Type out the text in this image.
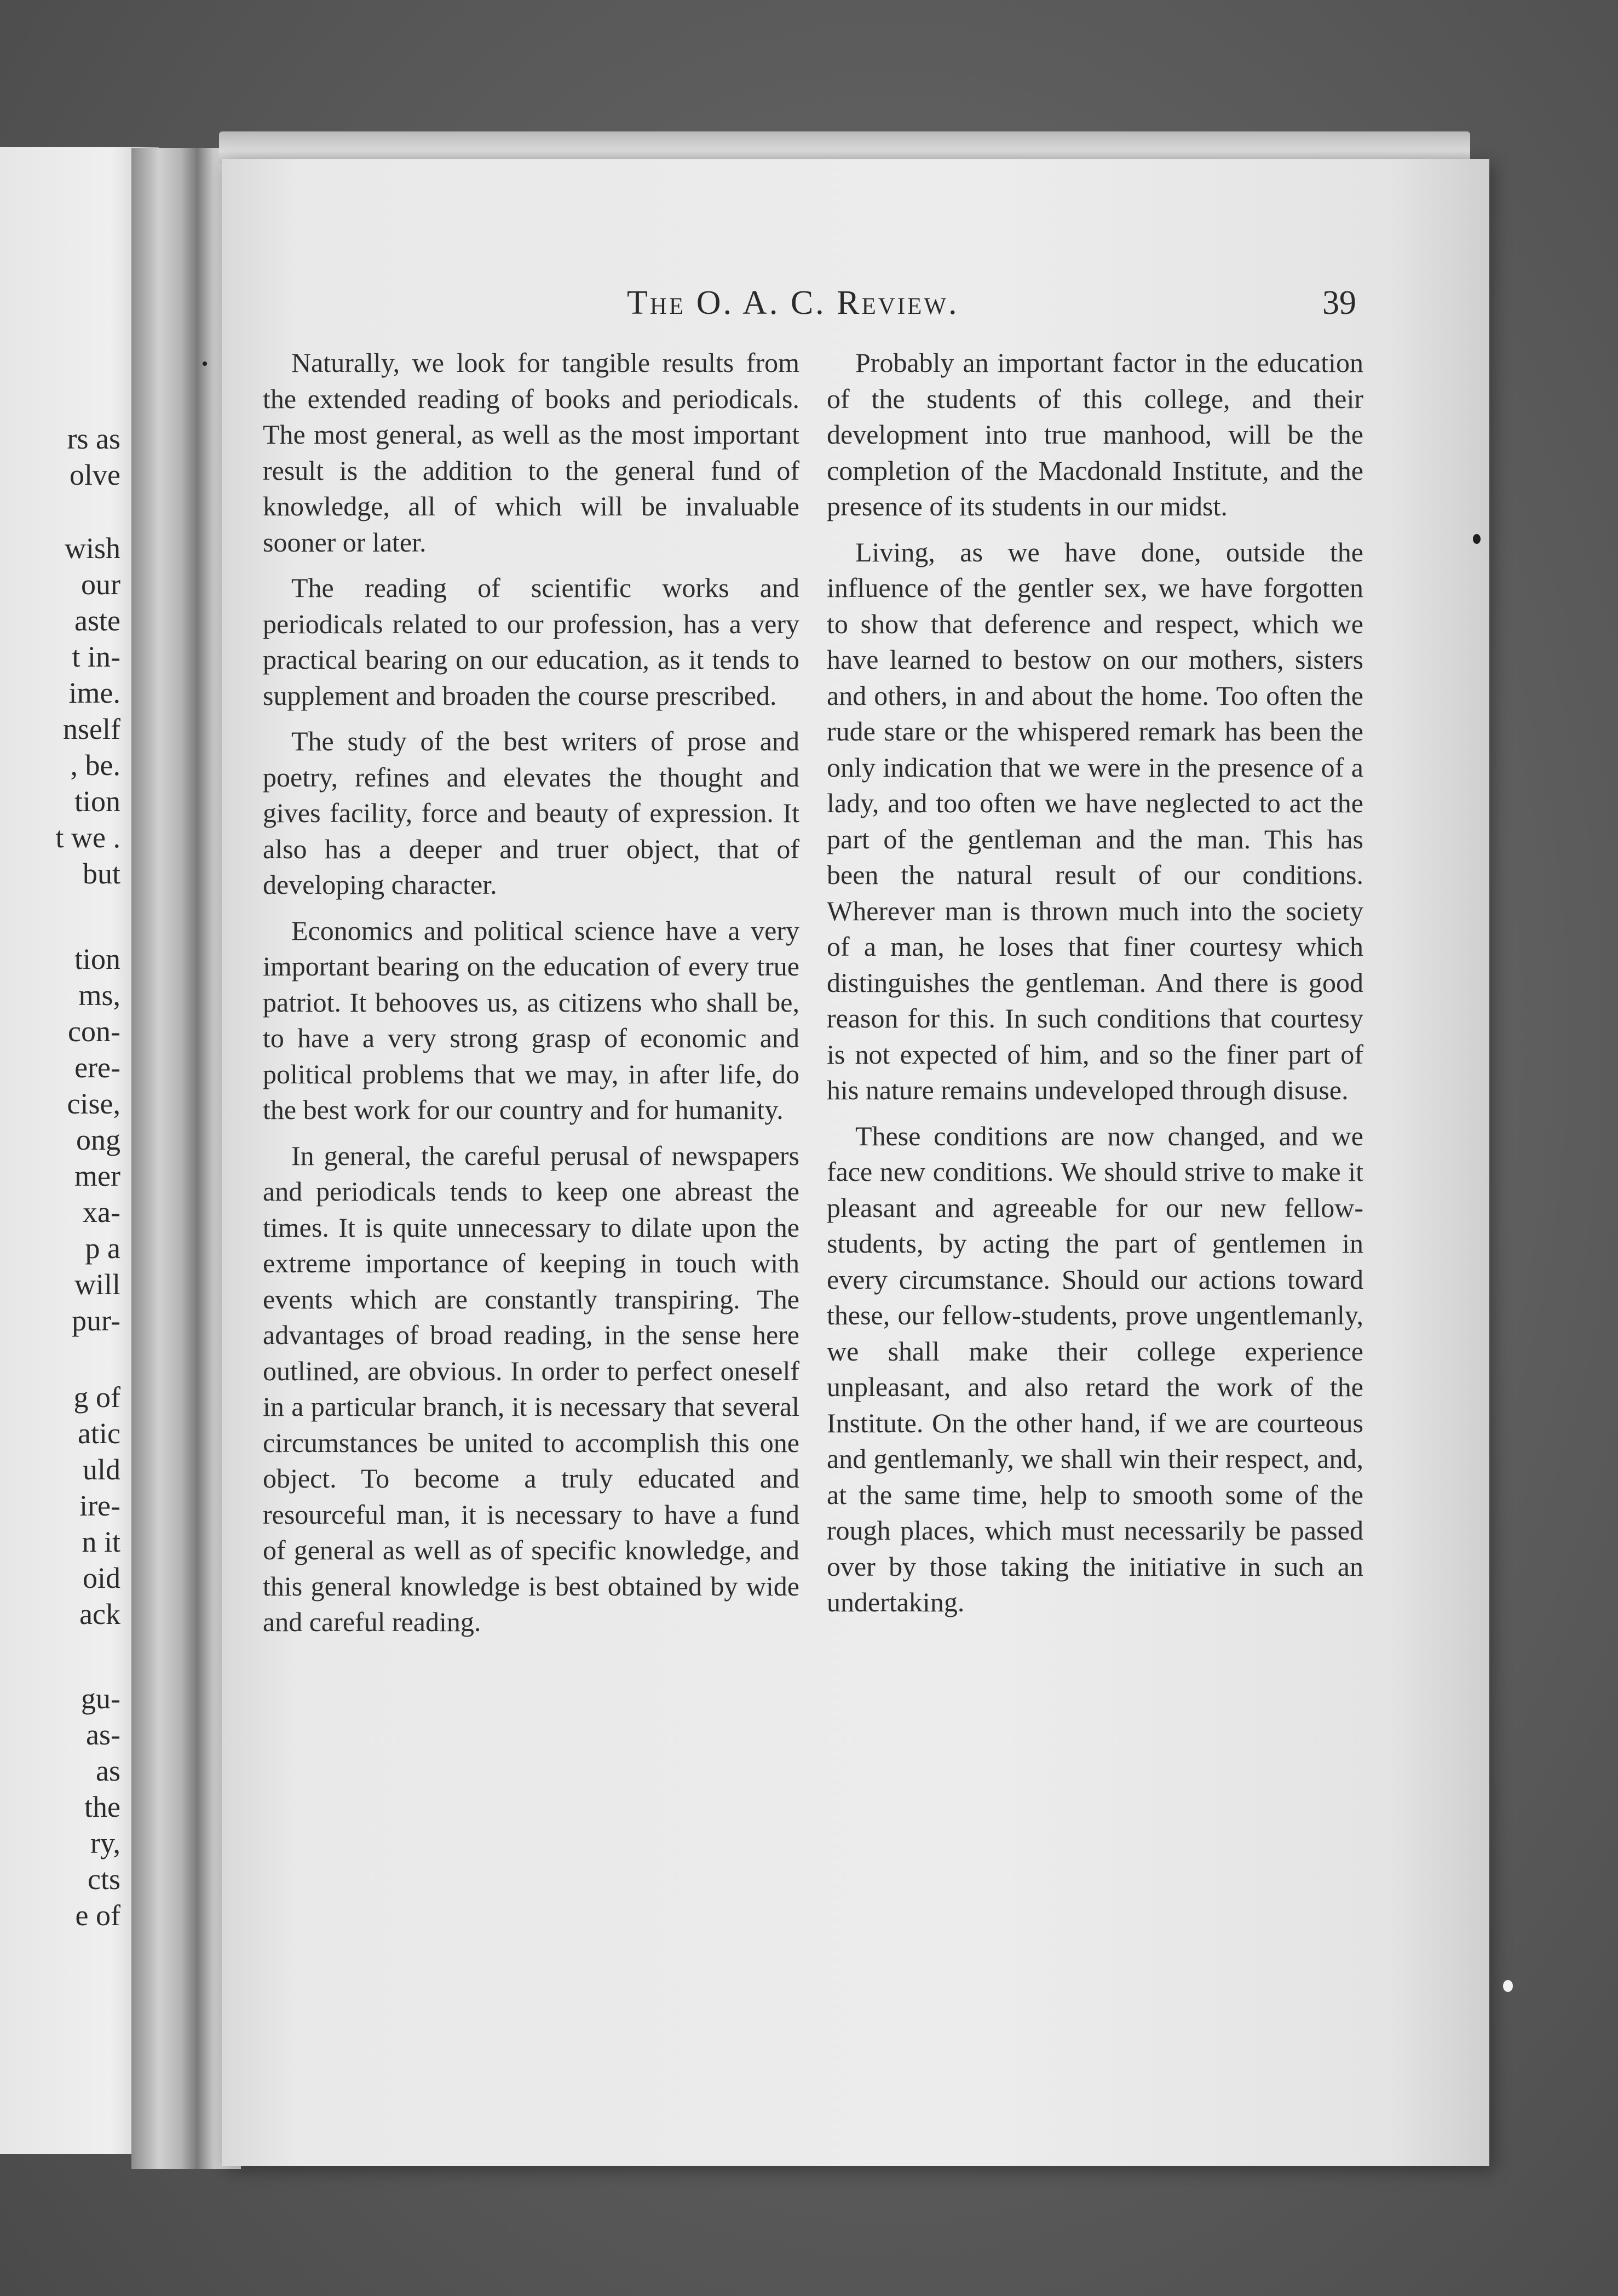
rs as
olve
wish
our
aste
t in-
ime.
nself
, be.
tion
t we .
but
tion
ms,
con-
ere-
cise,
ong
mer
xa-
p a
will
pur-
g of
atic
uld
ire-
n it
oid
ack
gu-
as-
as
the
ry,
cts
e of
The O. A. C. Review.	39

Naturally, we look for tangible results from the extended reading of books and periodicals. The most general, as well as the most important result is the addition to the general fund of knowledge, all of which will be invaluable sooner or later.

The reading of scientific works and periodicals related to our profession, has a very practical bearing on our education, as it tends to supplement and broaden the course prescribed.

The study of the best writers of prose and poetry, refines and elevates the thought and gives facility, force and beauty of expression. It also has a deeper and truer object, that of developing character.

Economics and political science have a very important bearing on the education of every true patriot. It behooves us, as citizens who shall be, to have a very strong grasp of economic and political problems that we may, in after life, do the best work for our country and for humanity.

In general, the careful perusal of newspapers and periodicals tends to keep one abreast the times. It is quite unnecessary to dilate upon the extreme importance of keeping in touch with events which are constantly transpiring. The advantages of broad reading, in the sense here outlined, are obvious. In order to perfect oneself in a particular branch, it is necessary that several circumstances be united to accomplish this one object. To become a truly educated and resourceful man, it is necessary to have a fund of general as well as of specific knowledge, and this general knowledge is best obtained by wide and careful reading.

Probably an important factor in the education of the students of this college, and their development into true manhood, will be the completion of the Macdonald Institute, and the presence of its students in our midst.

Living, as we have done, outside the influence of the gentler sex, we have forgotten to show that deference and respect, which we have learned to bestow on our mothers, sisters and others, in and about the home. Too often the rude stare or the whispered remark has been the only indication that we were in the presence of a lady, and too often we have neglected to act the part of the gentleman and the man. This has been the natural result of our conditions. Wherever man is thrown much into the society of a man, he loses that finer courtesy which distinguishes the gentleman. And there is good reason for this. In such conditions that courtesy is not expected of him, and so the finer part of his nature remains undeveloped through disuse.

These conditions are now changed, and we face new conditions. We should strive to make it pleasant and agreeable for our new fellow-students, by acting the part of gentlemen in every circumstance. Should our actions toward these, our fellow-students, prove ungentlemanly, we shall make their college experience unpleasant, and also retard the work of the Institute. On the other hand, if we are courteous and gentlemanly, we shall win their respect, and, at the same time, help to smooth some of the rough places, which must necessarily be passed over by those taking the initiative in such an undertaking.
